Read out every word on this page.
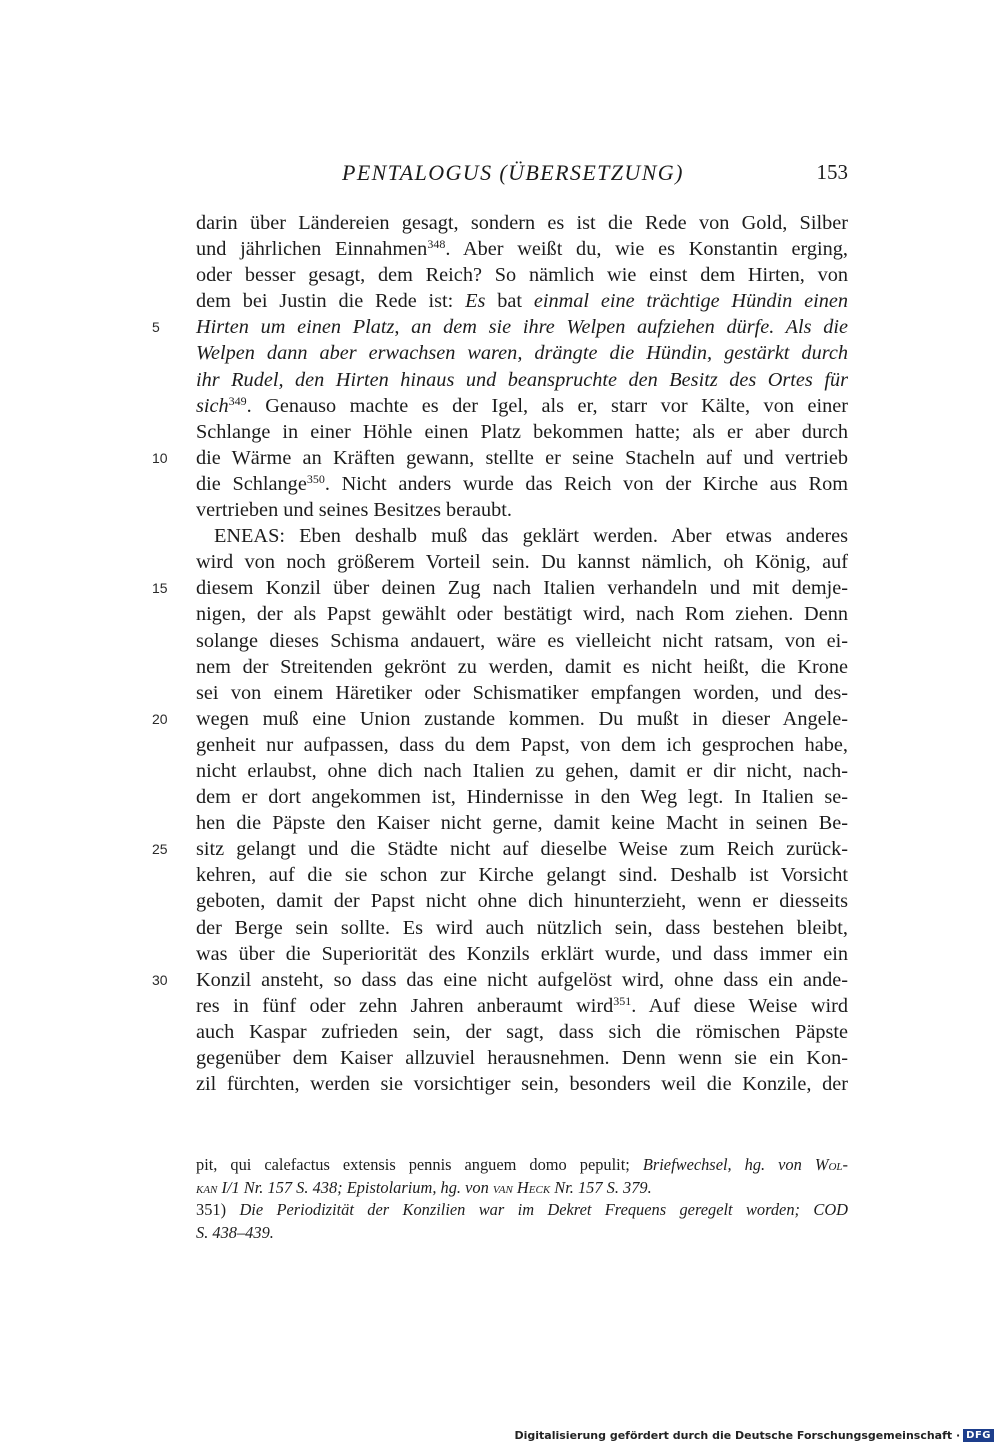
PENTALOGUS (ÜBERSETZUNG)	153
darin über Ländereien gesagt, sondern es ist die Rede von Gold, Silber
und jährlichen Einnahmen$^{348}$. Aber weißt du, wie es Konstantin erging,
oder besser gesagt, dem Reich? So nämlich wie einst dem Hirten, von
dem bei Justin die Rede ist: Es bat einmal eine trächtige Hündin einen
5 Hirten um einen Platz, an dem sie ihre Welpen aufziehen dürfe. Als die
Welpen dann aber erwachsen waren, drängte die Hündin, gestärkt durch
ihr Rudel, den Hirten hinaus und beanspruchte den Besitz des Ortes für
sich$^{349}$. Genauso machte es der Igel, als er, starr vor Kälte, von einer
Schlange in einer Höhle einen Platz bekommen hatte; als er aber durch
10 die Wärme an Kräften gewann, stellte er seine Stacheln auf und vertrieb
die Schlange$^{350}$. Nicht anders wurde das Reich von der Kirche aus Rom
vertrieben und seines Besitzes beraubt.
ENEAS: Eben deshalb muß das geklärt werden. Aber etwas anderes
wird von noch größerem Vorteil sein. Du kannst nämlich, oh König, auf
15 diesem Konzil über deinen Zug nach Italien verhandeln und mit demje-
nigen, der als Papst gewählt oder bestätigt wird, nach Rom ziehen. Denn
solange dieses Schisma andauert, wäre es vielleicht nicht ratsam, von ei-
nem der Streitenden gekrönt zu werden, damit es nicht heißt, die Krone
sei von einem Häretiker oder Schismatiker empfangen worden, und des-
20 wegen muß eine Union zustande kommen. Du mußt in dieser Angele-
genheit nur aufpassen, dass du dem Papst, von dem ich gesprochen habe,
nicht erlaubst, ohne dich nach Italien zu gehen, damit er dir nicht, nach-
dem er dort angekommen ist, Hindernisse in den Weg legt. In Italien se-
hen die Päpste den Kaiser nicht gerne, damit keine Macht in seinen Be-
25 sitz gelangt und die Städte nicht auf dieselbe Weise zum Reich zurück-
kehren, auf die sie schon zur Kirche gelangt sind. Deshalb ist Vorsicht
geboten, damit der Papst nicht ohne dich hinunterzieht, wenn er diesseits
der Berge sein sollte. Es wird auch nützlich sein, dass bestehen bleibt,
was über die Superiorität des Konzils erklärt wurde, und dass immer ein
30 Konzil ansteht, so dass das eine nicht aufgelöst wird, ohne dass ein ande-
res in fünf oder zehn Jahren anberaumt wird$^{351}$. Auf diese Weise wird
auch Kaspar zufrieden sein, der sagt, dass sich die römischen Päpste
gegenüber dem Kaiser allzuviel herausnehmen. Denn wenn sie ein Kon-
zil fürchten, werden sie vorsichtiger sein, besonders weil die Konzile, der
pit, qui calefactus extensis pennis anguem domo pepulit; Briefwechsel, hg. von Wol-
kan I/1 Nr. 157 S. 438; Epistolarium, hg. von van Heck Nr. 157 S. 379.
351) Die Periodizität der Konzilien war im Dekret Frequens geregelt worden; COD
S. 438–439.
Digitalisierung gefördert durch die Deutsche Forschungsgemeinschaft · DFG
